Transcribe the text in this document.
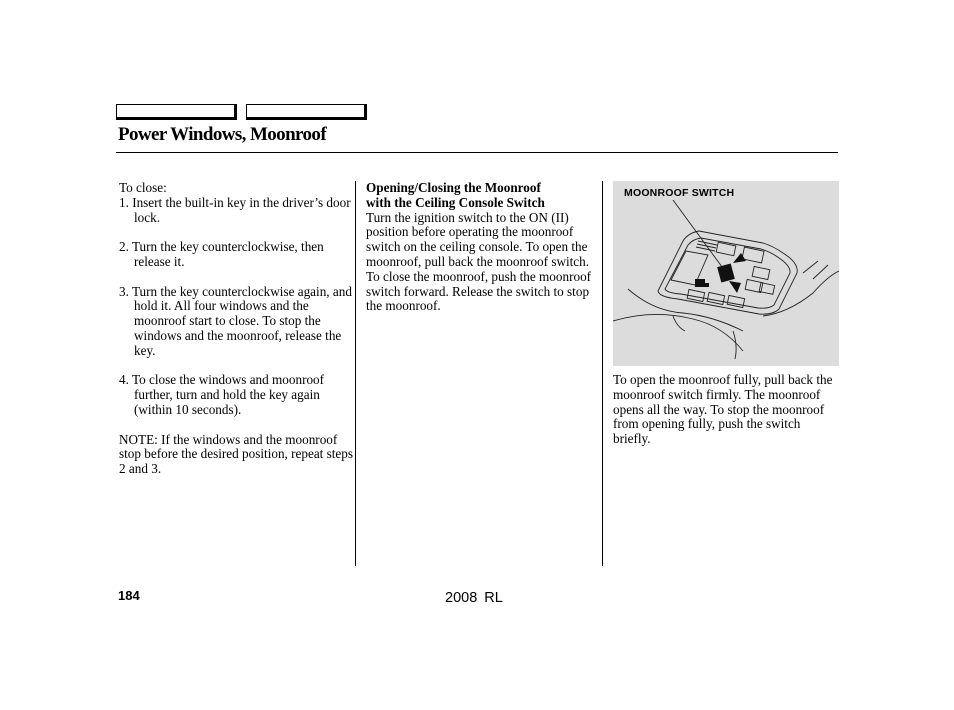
Power Windows, Moonroof

To close:

1. Insert the built-in key in the driver’s door lock.

2. Turn the key counterclockwise, then release it.

3. Turn the key counterclockwise again, and hold it. All four windows and the moonroof start to close. To stop the windows and the moonroof, release the key.

4. To close the windows and moonroof further, turn and hold the key again (within 10 seconds).

NOTE: If the windows and the moonroof stop before the desired position, repeat steps 2 and 3.

Opening/Closing the Moonroof
with the Ceiling Console Switch

Turn the ignition switch to the ON (II) position before operating the moonroof switch on the ceiling console. To open the moonroof, pull back the moonroof switch. To close the moonroof, push the moonroof switch forward. Release the switch to stop the moonroof.

MOONROOF SWITCH

To open the moonroof fully, pull back the moonroof switch firmly. The moonroof opens all the way. To stop the moonroof from opening fully, push the switch briefly.

184	2008 RL
